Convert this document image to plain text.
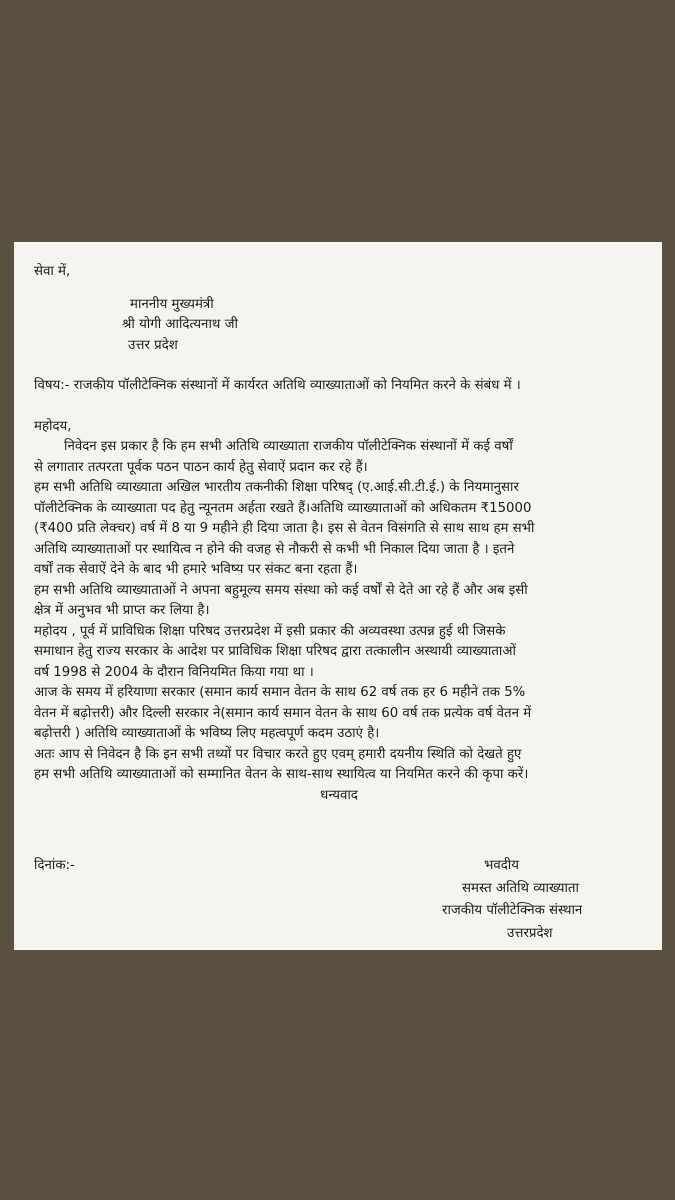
सेवा में,
माननीय मुख्यमंत्री
श्री योगी आदित्यनाथ जी
उत्तर प्रदेश
विषय:- राजकीय पॉलीटेक्निक संस्थानों में कार्यरत अतिथि व्याख्याताओं को नियमित करने के संबंध में ।
महोदय,
निवेदन इस प्रकार है कि हम सभी अतिथि व्याख्याता राजकीय पॉलीटेक्निक संस्थानों में कई वर्षों
से लगातार तत्परता पूर्वक पठन पाठन कार्य हेतु सेवाऐं प्रदान कर रहे हैं।
हम सभी अतिथि व्याख्याता अखिल भारतीय तकनीकी शिक्षा परिषद् (ए.आई.सी.टी.ई.) के नियमानुसार
पॉलीटेक्निक के व्याख्याता पद हेतु न्यूनतम अर्हता रखते हैं।अतिथि व्याख्याताओं को अधिकतम ₹15000
(₹400 प्रति लेक्चर) वर्ष में 8 या 9 महीने ही दिया जाता है। इस से वेतन विसंगति से साथ साथ हम सभी
अतिथि व्याख्याताओं पर स्थायित्व न होने की वजह से नौकरी से कभी भी निकाल दिया जाता है । इतने
वर्षों तक सेवाऐं देने के बाद भी हमारे भविष्य पर संकट बना रहता हैं।
हम सभी अतिथि व्याख्याताओं ने अपना बहुमूल्य समय संस्था को कई वर्षों से देते आ रहे हैं और अब इसी
क्षेत्र में अनुभव भी प्राप्त कर लिया है।
महोदय , पूर्व में प्राविधिक शिक्षा परिषद उत्तरप्रदेश में इसी प्रकार की अव्यवस्था उत्पन्न हुई थी जिसके
समाधान हेतु राज्य सरकार के आदेश पर प्राविधिक शिक्षा परिषद द्वारा तत्कालीन अस्थायी व्याख्याताओं
वर्ष 1998 से 2004 के दौरान विनियमित किया गया था ।
आज के समय में हरियाणा सरकार (समान कार्य समान वेतन के साथ 62 वर्ष तक हर 6 महीने तक 5%
वेतन में बढ़ोत्तरी) और दिल्ली सरकार ने(समान कार्य समान वेतन के साथ 60 वर्ष तक प्रत्येक वर्ष वेतन में
बढ़ोत्तरी ) अतिथि व्याख्याताओं के भविष्य लिए महत्वपूर्ण कदम उठाएं है।
अतः आप से निवेदन है कि इन सभी तथ्यों पर विचार करते हुए एवम् हमारी दयनीय स्थिति को देखते हुए
हम सभी अतिथि व्याख्याताओं को सम्मानित वेतन के साथ-साथ स्थायित्व या नियमित करने की कृपा करें।
धन्यवाद
दिनांक:-	भवदीय
समस्त अतिथि व्याख्याता
राजकीय पॉलीटेक्निक संस्थान
उत्तरप्रदेश
